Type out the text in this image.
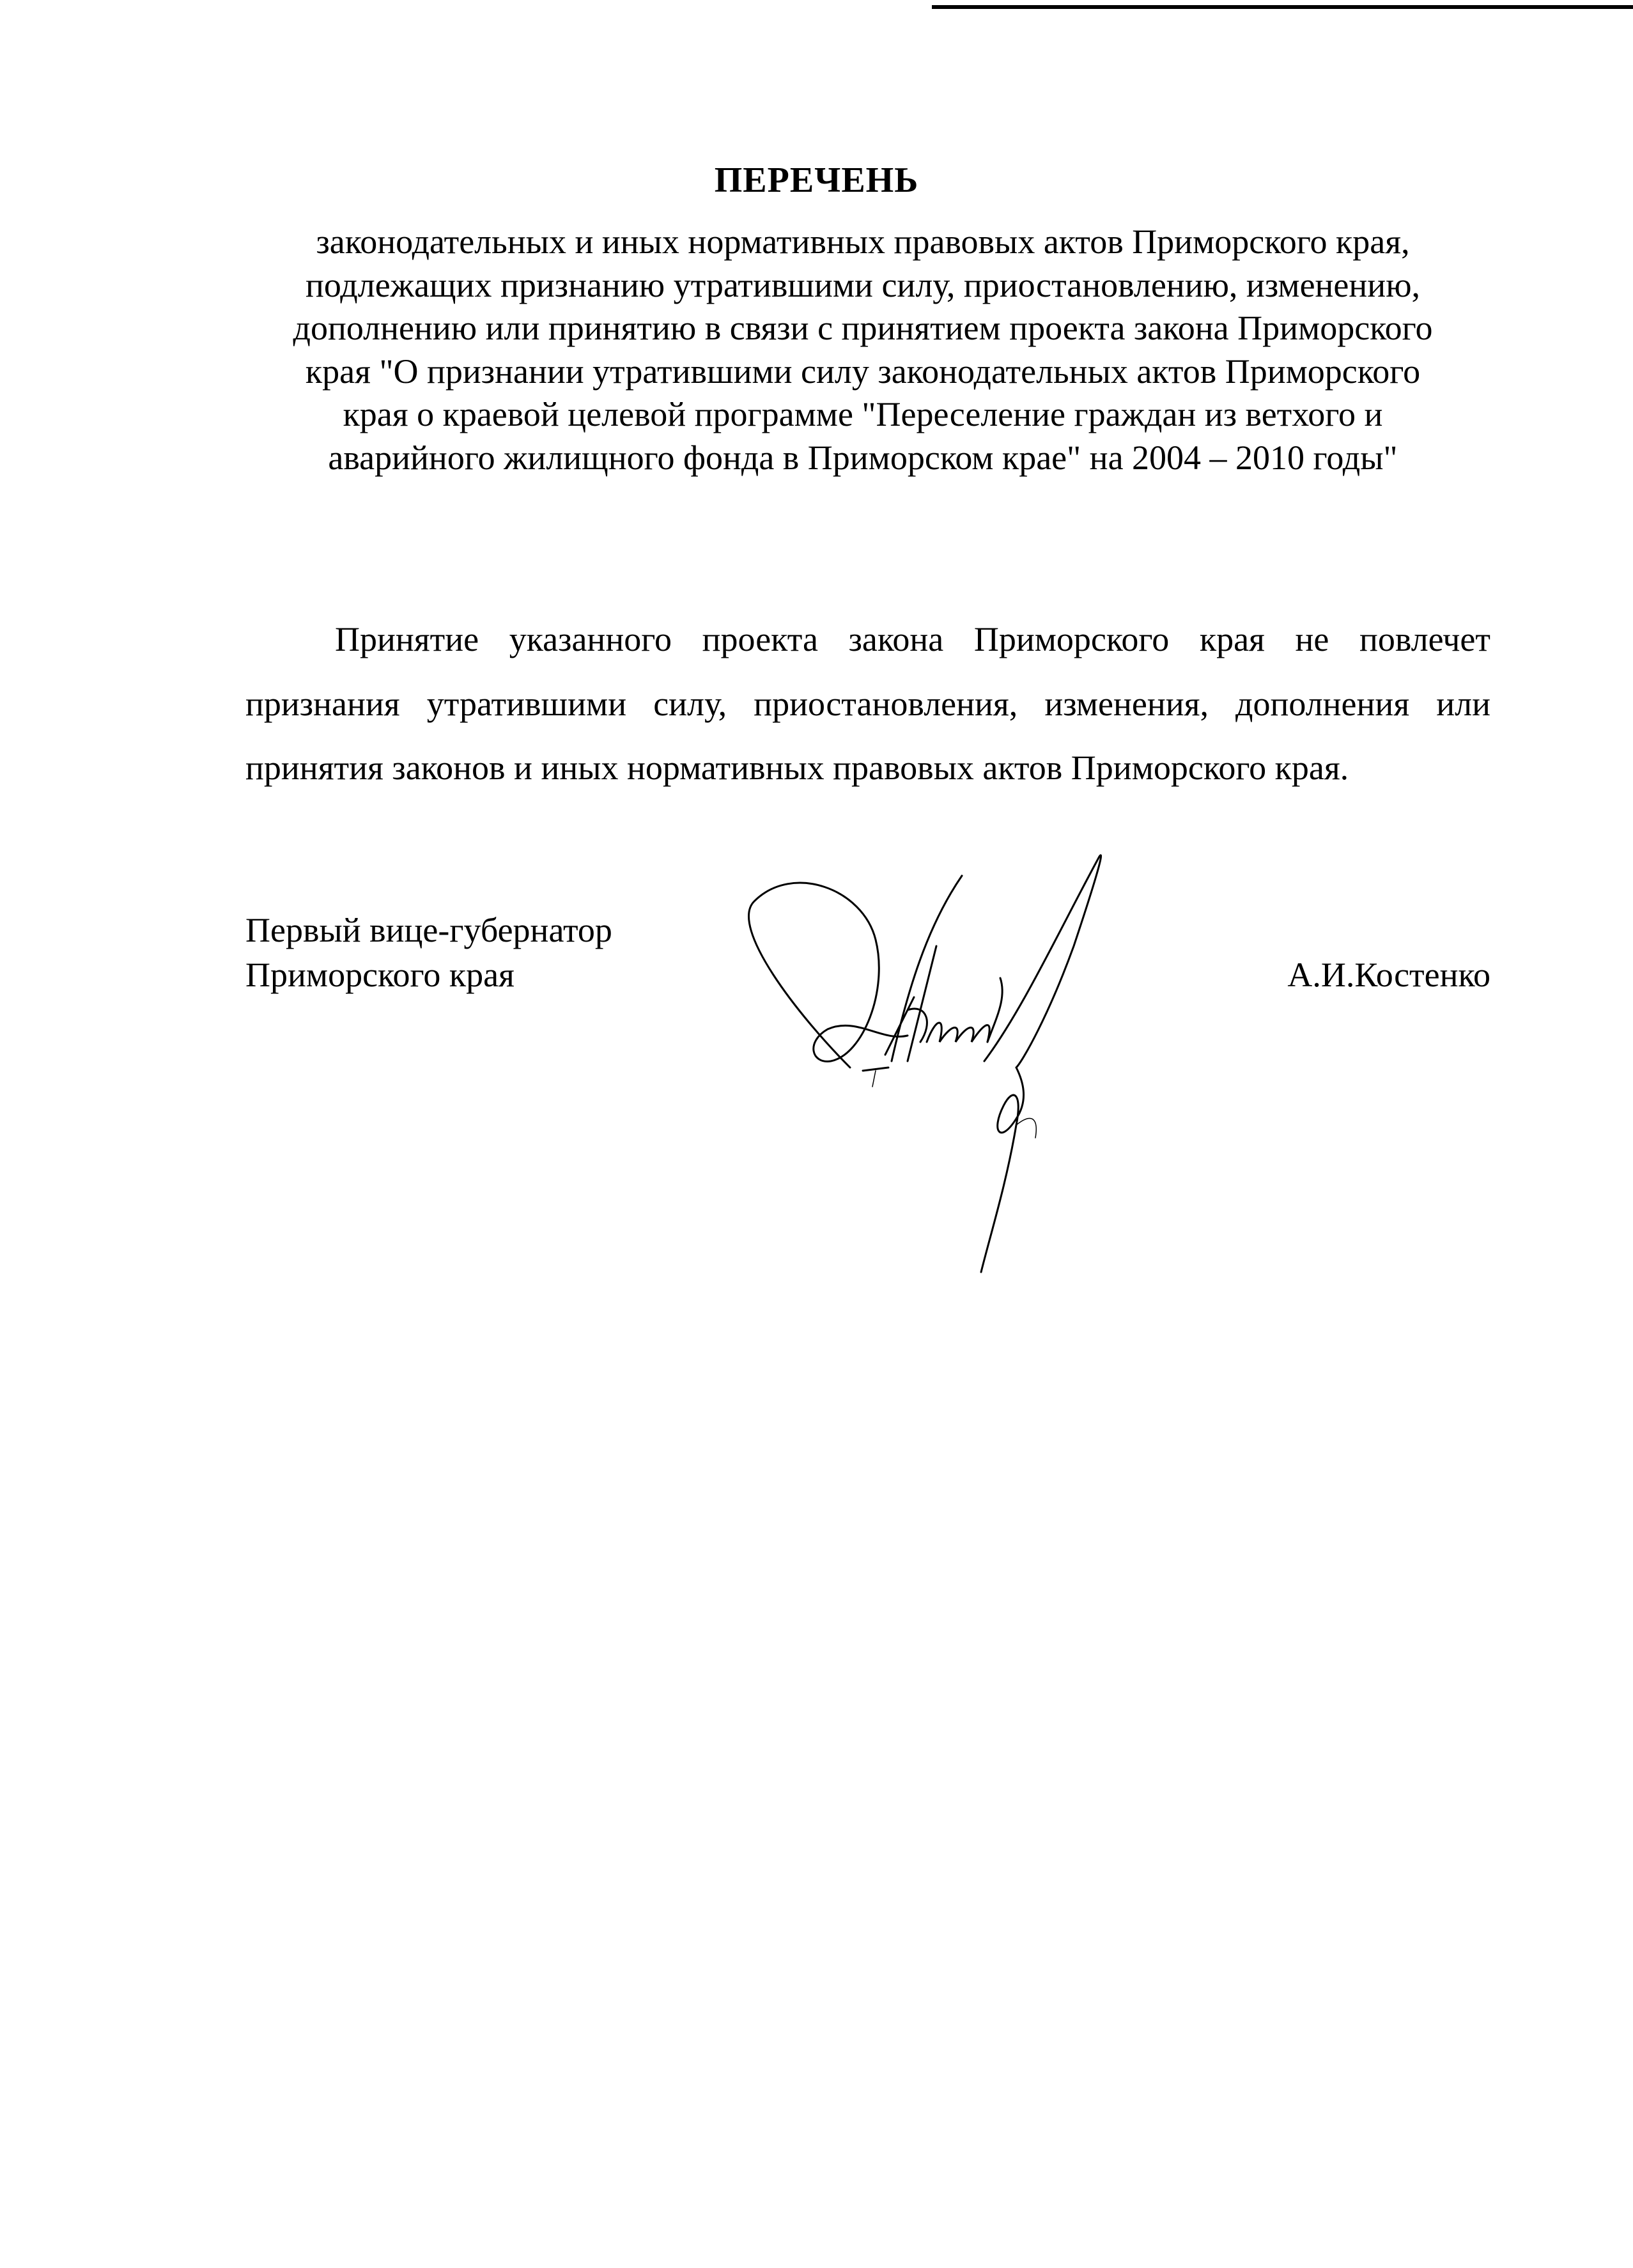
ПЕРЕЧЕНЬ
законодательных и иных нормативных правовых актов Приморского края,
подлежащих признанию утратившими силу, приостановлению, изменению,
дополнению или принятию в связи с принятием проекта закона Приморского
края "О признании утратившими силу законодательных актов Приморского
края о краевой целевой программе "Переселение граждан из ветхого и
аварийного жилищного фонда в Приморском крае" на 2004 – 2010 годы"
Принятие указанного проекта закона Приморского края не повлечет
признания утратившими силу, приостановления, изменения, дополнения или
принятия законов и иных нормативных правовых актов Приморского края.
Первый вице-губернатор
Приморского края	А.И.Костенко
